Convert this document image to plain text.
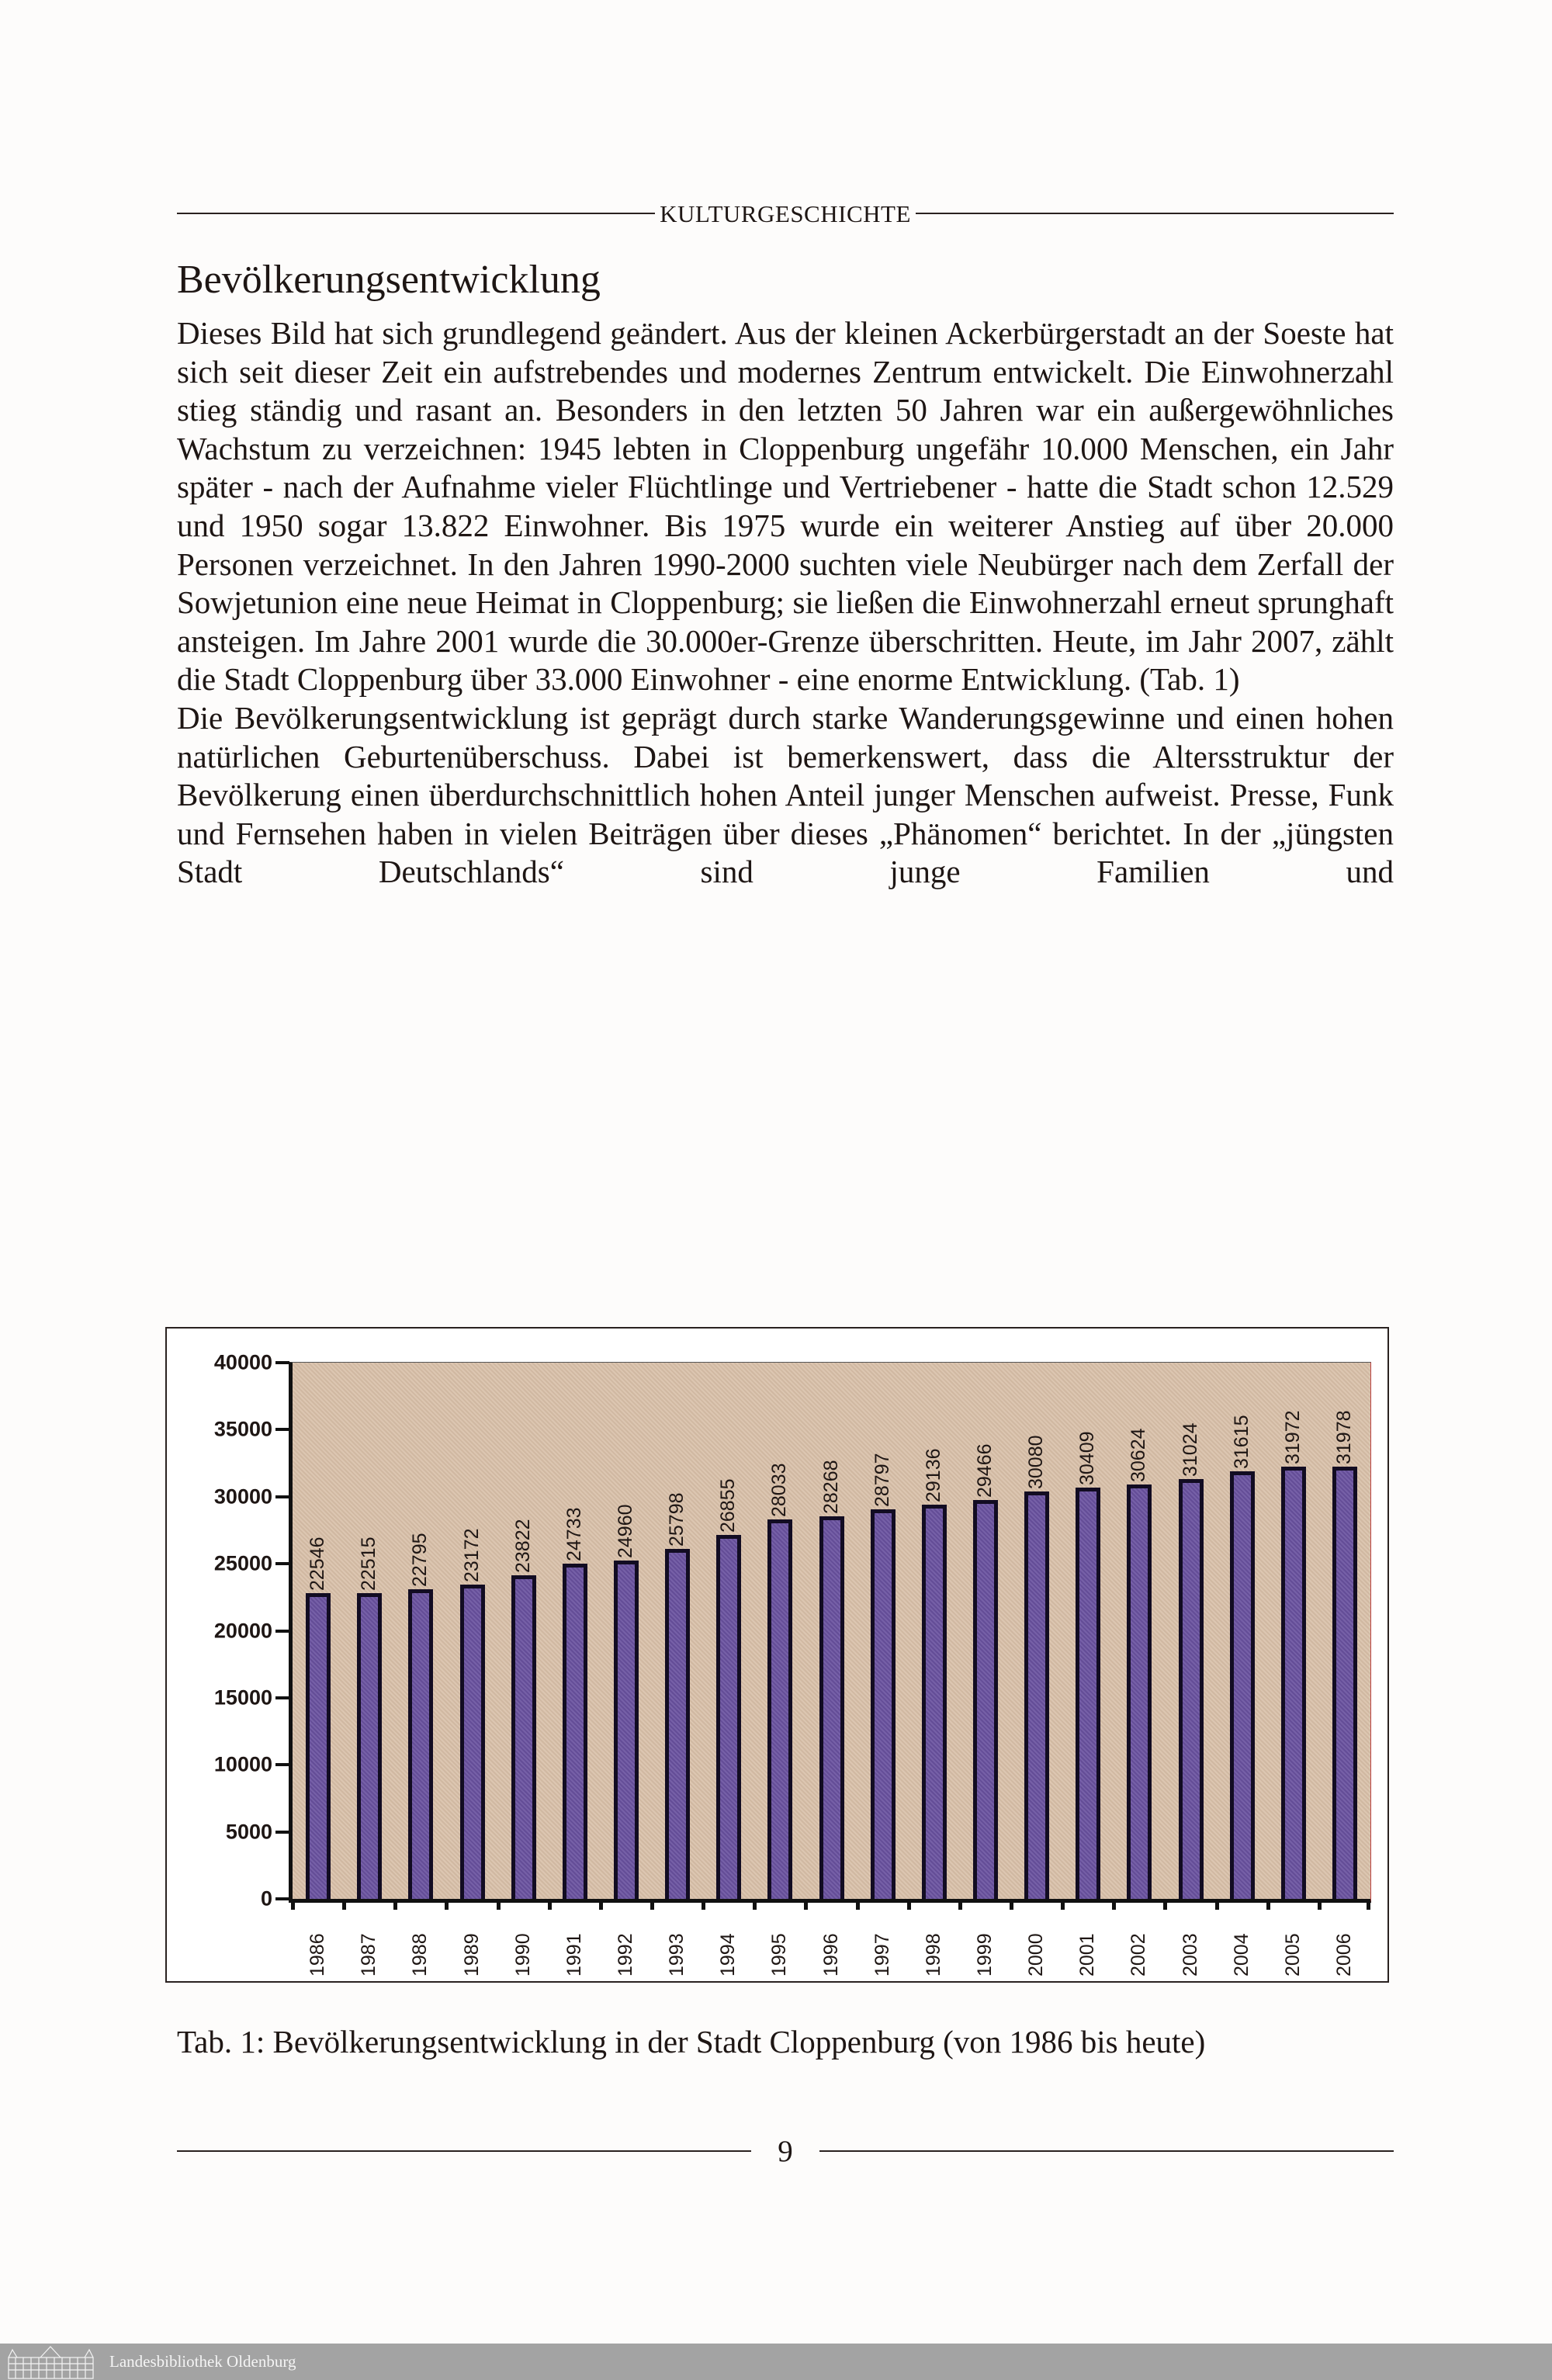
KULTURGESCHICHTE
Bevölkerungsentwicklung

Dieses Bild hat sich grundlegend geändert. Aus der kleinen Ackerbürgerstadt an der Soeste hat sich seit dieser Zeit ein aufstrebendes und modernes Zentrum entwickelt. Die Einwohnerzahl stieg ständig und rasant an. Besonders in den letzten 50 Jahren war ein außergewöhnliches Wachstum zu verzeichnen: 1945 lebten in Cloppenburg ungefähr 10.000 Menschen, ein Jahr später - nach der Aufnahme vieler Flüchtlinge und Vertriebener - hatte die Stadt schon 12.529 und 1950 sogar 13.822 Einwohner. Bis 1975 wurde ein weiterer Anstieg auf über 20.000 Personen verzeichnet. In den Jahren 1990-2000 suchten viele Neubürger nach dem Zerfall der Sowjetunion eine neue Heimat in Cloppenburg; sie ließen die Einwohnerzahl erneut sprunghaft ansteigen. Im Jahre 2001 wurde die 30.000er-Grenze überschritten. Heute, im Jahr 2007, zählt die Stadt Cloppenburg über 33.000 Einwohner - eine enorme Entwicklung. (Tab. 1)

Die Bevölkerungsentwicklung ist geprägt durch starke Wanderungsgewinne und einen hohen natürlichen Geburtenüberschuss. Dabei ist bemerkenswert, dass die Altersstruktur der Bevölkerung einen überdurchschnittlich hohen Anteil junger Menschen aufweist. Presse, Funk und Fernsehen haben in vielen Beiträgen über dieses „Phänomen“ berichtet. In der „jüngsten Stadt Deutschlands“ sind junge Familien und

0
5000
10000
15000
20000
25000
30000
35000
40000
22546
1986
22515
1987
22795
1988
23172
1989
23822
1990
24733
1991
24960
1992
25798
1993
26855
1994
28033
1995
28268
1996
28797
1997
29136
1998
29466
1999
30080
2000
30409
2001
30624
2002
31024
2003
31615
2004
31972
2005
31978
2006
Tab. 1: Bevölkerungsentwicklung in der Stadt Cloppenburg (von 1986 bis heute)
9
Landesbibliothek Oldenburg
